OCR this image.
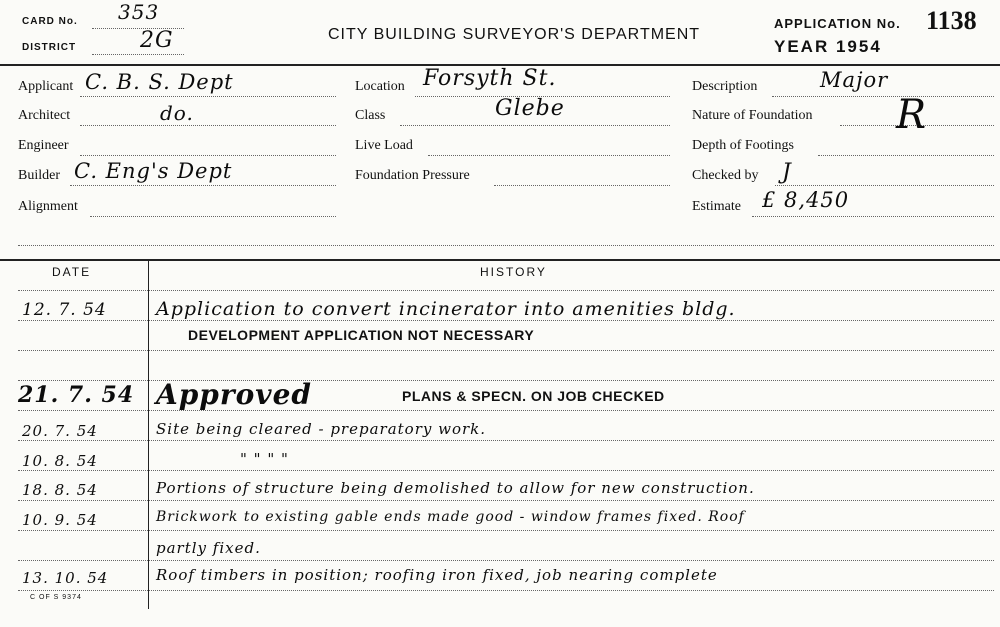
CARD No. 353
DISTRICT	2G	CITY BUILDING SURVEYOR'S DEPARTMENT
APPLICATION No. 1138
YEAR 1954
Applicant C. B. S. Dept
Architect	do.
Engineer
Builder C. Eng's Dept
Alignment
Location Forsyth St.
Class	Glebe
Live Load
Foundation Pressure
Description	Major
Nature of Foundation R
Depth of Footings
Checked by J
Estimate £ 8,450
DATE	HISTORY
12. 7. 54	Application to convert incinerator into amenities bldg.
DEVELOPMENT APPLICATION NOT NECESSARY
21. 7. 54 Approved	PLANS & SPECN. ON JOB CHECKED
20. 7. 54	Site being cleared - preparatory work.
10. 8. 54	" " " "
18. 8. 54	Portions of structure being demolished to allow for new construction.
10. 9. 54	Brickwork to existing gable ends made good - window frames fixed. Roof
partly fixed.
13. 10. 54	Roof timbers in position; roofing iron fixed, job nearing complete
C OF S 9374
